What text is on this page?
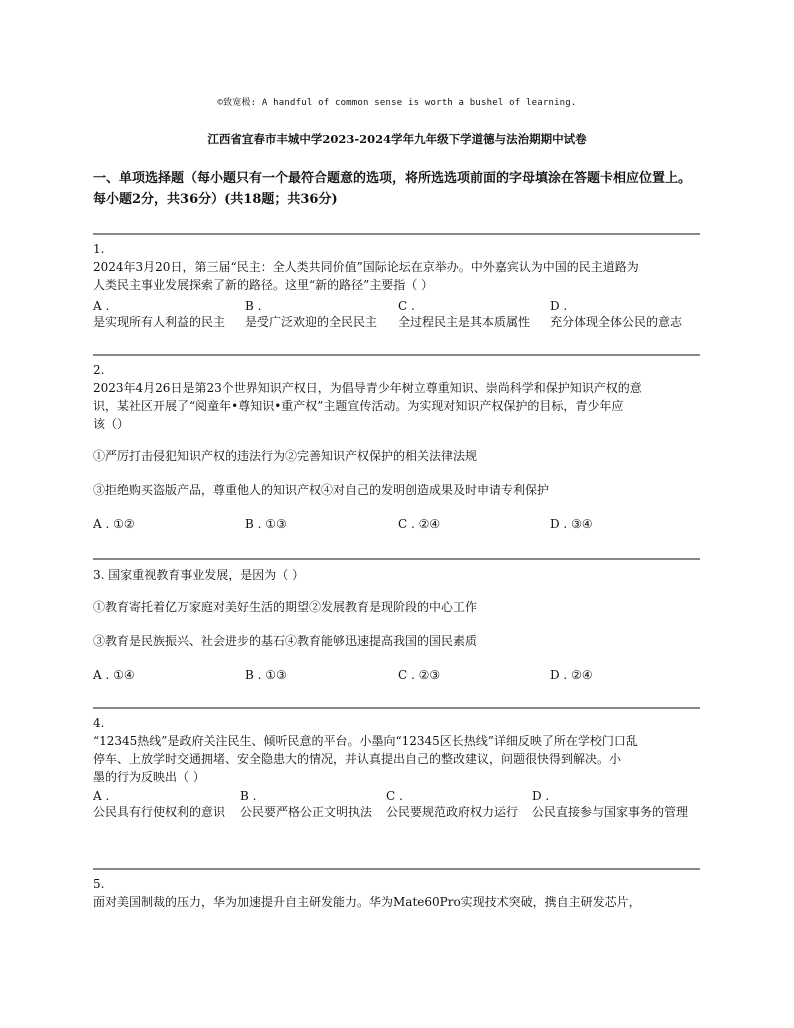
©致宽极: A handful of common sense is worth a bushel of learning.
江西省宜春市丰城中学2023-2024学年九年级下学道德与法治期期中试卷
一、单项选择题（每小题只有一个最符合题意的选项，将所选选项前面的字母填涂在答题卡相应位置上。每小题2分，共36分）(共18题；共36分)
1.
2024年3月20日，第三届“民主：全人类共同价值”国际论坛在京举办。中外嘉宾认为中国的民主道路为
人类民主事业发展探索了新的路径。这里“新的路径”主要指（ ）
A .
是实现所有人利益的民主
B .
是受广泛欢迎的全民民主
C .
全过程民主是其本质属性
D .
充分体现全体公民的意志
2.
2023年4月26日是第23个世界知识产权日，为倡导青少年树立尊重知识、崇尚科学和保护知识产权的意
识，某社区开展了“阅童年•尊知识•重产权”主题宣传活动。为实现对知识产权保护的目标，青少年应
该（）
①严厉打击侵犯知识产权的违法行为②完善知识产权保护的相关法律法规
③拒绝购买盗版产品，尊重他人的知识产权④对自己的发明创造成果及时申请专利保护
A . ①②	B . ①③	C . ②④	D . ③④
3. 国家重视教育事业发展，是因为（ ）
①教育寄托着亿万家庭对美好生活的期望②发展教育是现阶段的中心工作
③教育是民族振兴、社会进步的基石④教育能够迅速提高我国的国民素质
A . ①④	B . ①③	C . ②③	D . ②④
4.
“12345热线”是政府关注民生、倾听民意的平台。小墨向“12345区长热线”详细反映了所在学校门口乱
停车、上放学时交通拥堵、安全隐患大的情况，并认真提出自己的整改建议，问题很快得到解决。小
墨的行为反映出（ ）
A .
公民具有行使权利的意识
B .
公民要严格公正文明执法
C .
公民要规范政府权力运行
D .
公民直接参与国家事务的管理
5.
面对美国制裁的压力，华为加速提升自主研发能力。华为Mate60Pro实现技术突破，携自主研发芯片，
